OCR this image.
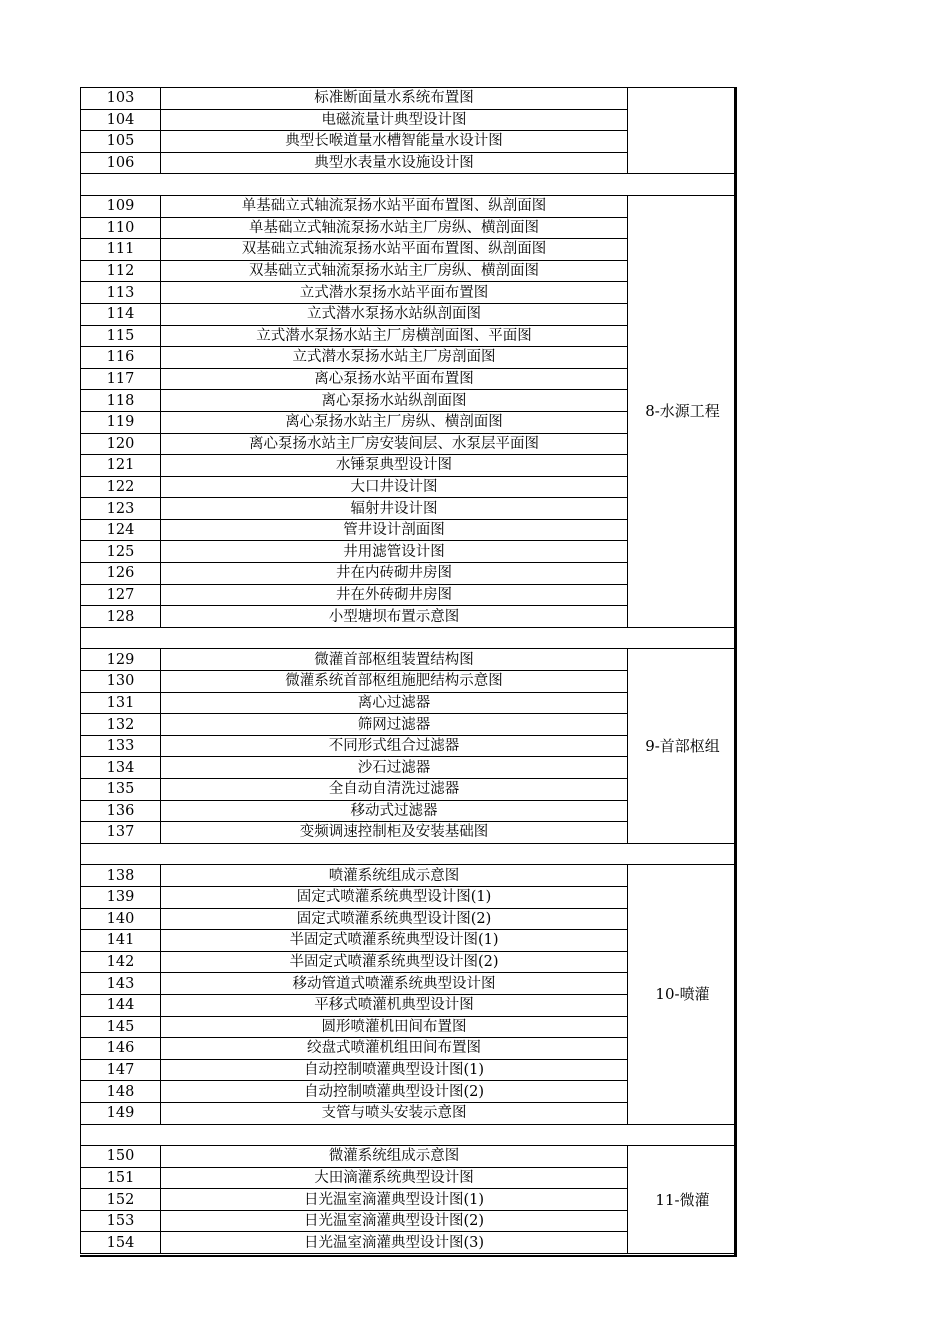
103	标准断面量水系统布置图	
104	电磁流量计典型设计图	
105	典型长喉道量水槽智能量水设计图	
106	典型水表量水设施设计图	

109	单基础立式轴流泵扬水站平面布置图、纵剖面图	8-水源工程
110	单基础立式轴流泵扬水站主厂房纵、横剖面图	
111	双基础立式轴流泵扬水站平面布置图、纵剖面图	
112	双基础立式轴流泵扬水站主厂房纵、横剖面图	
113	立式潜水泵扬水站平面布置图	
114	立式潜水泵扬水站纵剖面图	
115	立式潜水泵扬水站主厂房横剖面图、平面图	
116	立式潜水泵扬水站主厂房剖面图	
117	离心泵扬水站平面布置图	
118	离心泵扬水站纵剖面图	
119	离心泵扬水站主厂房纵、横剖面图	
120	离心泵扬水站主厂房安装间层、水泵层平面图	
121	水锤泵典型设计图	
122	大口井设计图	
123	辐射井设计图	
124	管井设计剖面图	
125	井用滤管设计图	
126	井在内砖砌井房图	
127	井在外砖砌井房图	
128	小型塘坝布置示意图	

129	微灌首部枢组装置结构图	9-首部枢组
130	微灌系统首部枢组施肥结构示意图	
131	离心过滤器	
132	筛网过滤器	
133	不同形式组合过滤器	
134	沙石过滤器	
135	全自动自清洗过滤器	
136	移动式过滤器	
137	变频调速控制柜及安装基础图	

138	喷灌系统组成示意图	10-喷灌
139	固定式喷灌系统典型设计图(1)	
140	固定式喷灌系统典型设计图(2)	
141	半固定式喷灌系统典型设计图(1)	
142	半固定式喷灌系统典型设计图(2)	
143	移动管道式喷灌系统典型设计图	
144	平移式喷灌机典型设计图	
145	圆形喷灌机田间布置图	
146	绞盘式喷灌机组田间布置图	
147	自动控制喷灌典型设计图(1)	
148	自动控制喷灌典型设计图(2)	
149	支管与喷头安装示意图	

150	微灌系统组成示意图	11-微灌
151	大田滴灌系统典型设计图	
152	日光温室滴灌典型设计图(1)	
153	日光温室滴灌典型设计图(2)	
154	日光温室滴灌典型设计图(3)	
